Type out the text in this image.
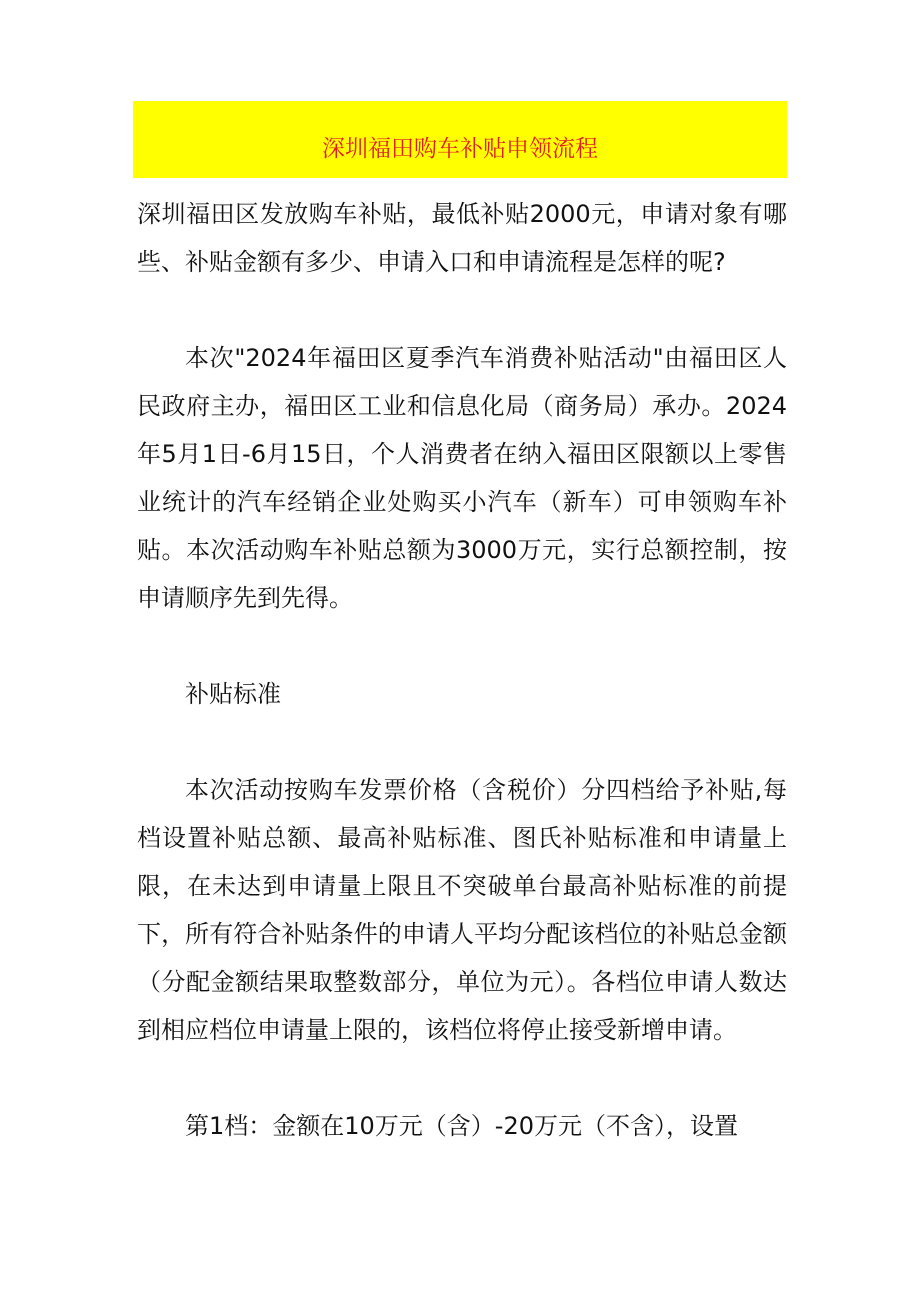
深圳福田购车补贴申领流程

深圳福田区发放购车补贴，最低补贴2000元，申请对象有哪些、补贴金额有多少、申请入口和申请流程是怎样的呢?

本次"2024年福田区夏季汽车消费补贴活动"由福田区人民政府主办，福田区工业和信息化局（商务局）承办。2024年5月1日-6月15日，个人消费者在纳入福田区限额以上零售业统计的汽车经销企业处购买小汽车（新车）可申领购车补贴。本次活动购车补贴总额为3000万元，实行总额控制，按申请顺序先到先得。

补贴标准

本次活动按购车发票价格（含税价）分四档给予补贴,每档设置补贴总额、最高补贴标准、图氏补贴标准和申请量上限，在未达到申请量上限且不突破单台最高补贴标准的前提下，所有符合补贴条件的申请人平均分配该档位的补贴总金额（分配金额结果取整数部分，单位为元）。各档位申请人数达到相应档位申请量上限的，该档位将停止接受新增申请。

第1档：金额在10万元（含）-20万元（不含），设置
